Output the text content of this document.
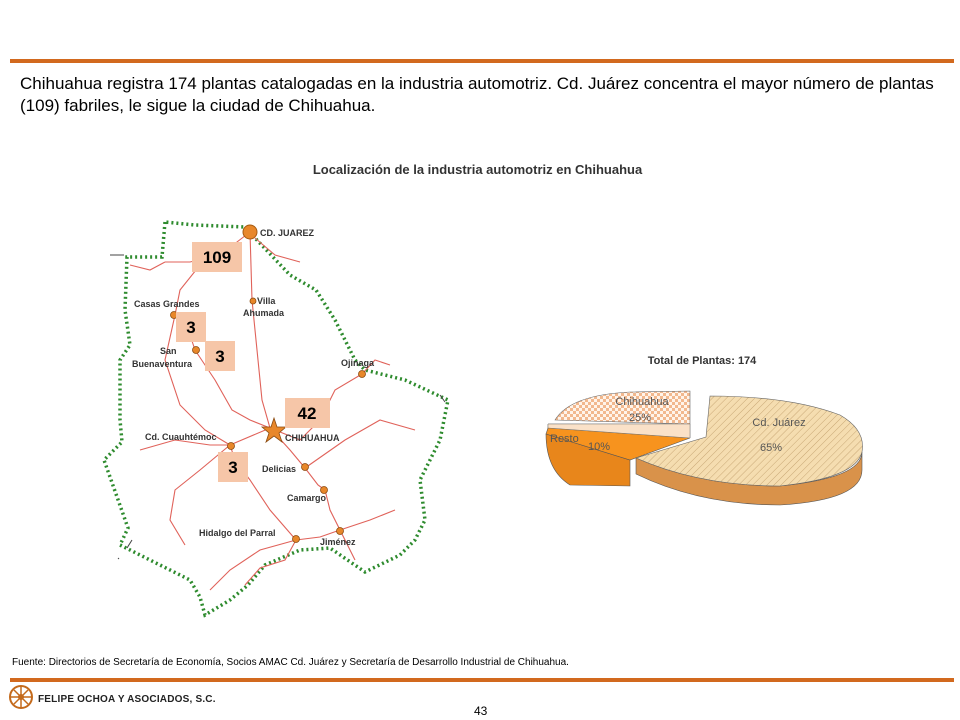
Chihuahua registra 174 plantas catalogadas en la industria automotriz. Cd. Juárez concentra el mayor número de plantas (109) fabriles, le sigue la ciudad de Chihuahua.

Localización de la industria automotriz en Chihuahua
CD. JUAREZ
Casas Grandes	Villa
Ahumada
San
Buenaventura	Ojinaga
Cd. Cuauhtémoc	CHIHUAHUA
Delicias
Camargo
Hidalgo del Parral
Jiménez
109
3
3
42
3
Total de Plantas: 174
Chihuahua
25%
Resto
10%
Cd. Juárez
65%
Fuente: Directorios de Secretaría de Economía, Socios AMAC Cd. Juárez y Secretaría de Desarrollo Industrial de Chihuahua.
FELIPE OCHOA Y ASOCIADOS, S.C.
43
